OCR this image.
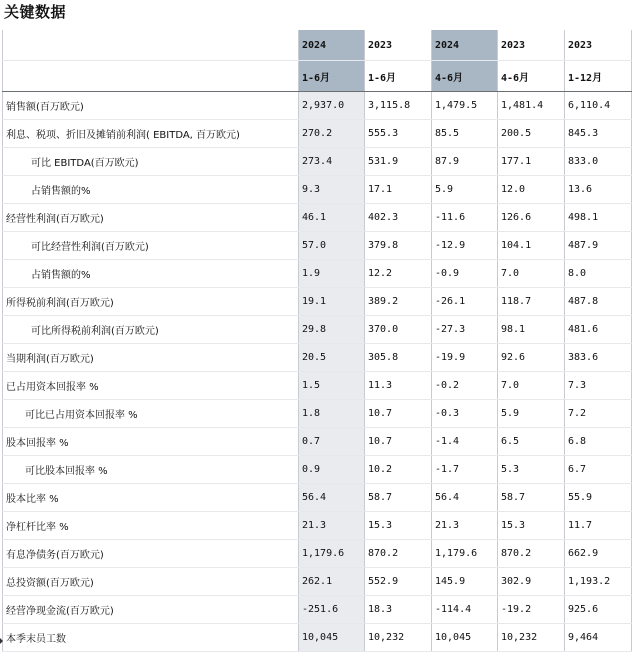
关键数据
	2024	2023	2024	2023	2023
	1-6月	1-6月	4-6月	4-6月	1-12月
销售额(百万欧元)	2,937.0	3,115.8	1,479.5	1,481.4	6,110.4
利息、税项、折旧及摊销前利润( EBITDA, 百万欧元)	270.2	555.3	85.5	200.5	845.3
可比 EBITDA(百万欧元)	273.4	531.9	87.9	177.1	833.0
占销售额的%	9.3	17.1	5.9	12.0	13.6
经营性利润(百万欧元)	46.1	402.3	-11.6	126.6	498.1
可比经营性利润(百万欧元)	57.0	379.8	-12.9	104.1	487.9
占销售额的%	1.9	12.2	-0.9	7.0	8.0
所得税前利润(百万欧元)	19.1	389.2	-26.1	118.7	487.8
可比所得税前利润(百万欧元)	29.8	370.0	-27.3	98.1	481.6
当期利润(百万欧元)	20.5	305.8	-19.9	92.6	383.6
已占用资本回报率 %	1.5	11.3	-0.2	7.0	7.3
可比已占用资本回报率 %	1.8	10.7	-0.3	5.9	7.2
股本回报率 %	0.7	10.7	-1.4	6.5	6.8
可比股本回报率 %	0.9	10.2	-1.7	5.3	6.7
股本比率 %	56.4	58.7	56.4	58.7	55.9
净杠杆比率 %	21.3	15.3	21.3	15.3	11.7
有息净债务(百万欧元)	1,179.6	870.2	1,179.6	870.2	662.9
总投资额(百万欧元)	262.1	552.9	145.9	302.9	1,193.2
经营净现金流(百万欧元)	-251.6	18.3	-114.4	-19.2	925.6
本季末员工数	10,045	10,232	10,045	10,232	9,464
